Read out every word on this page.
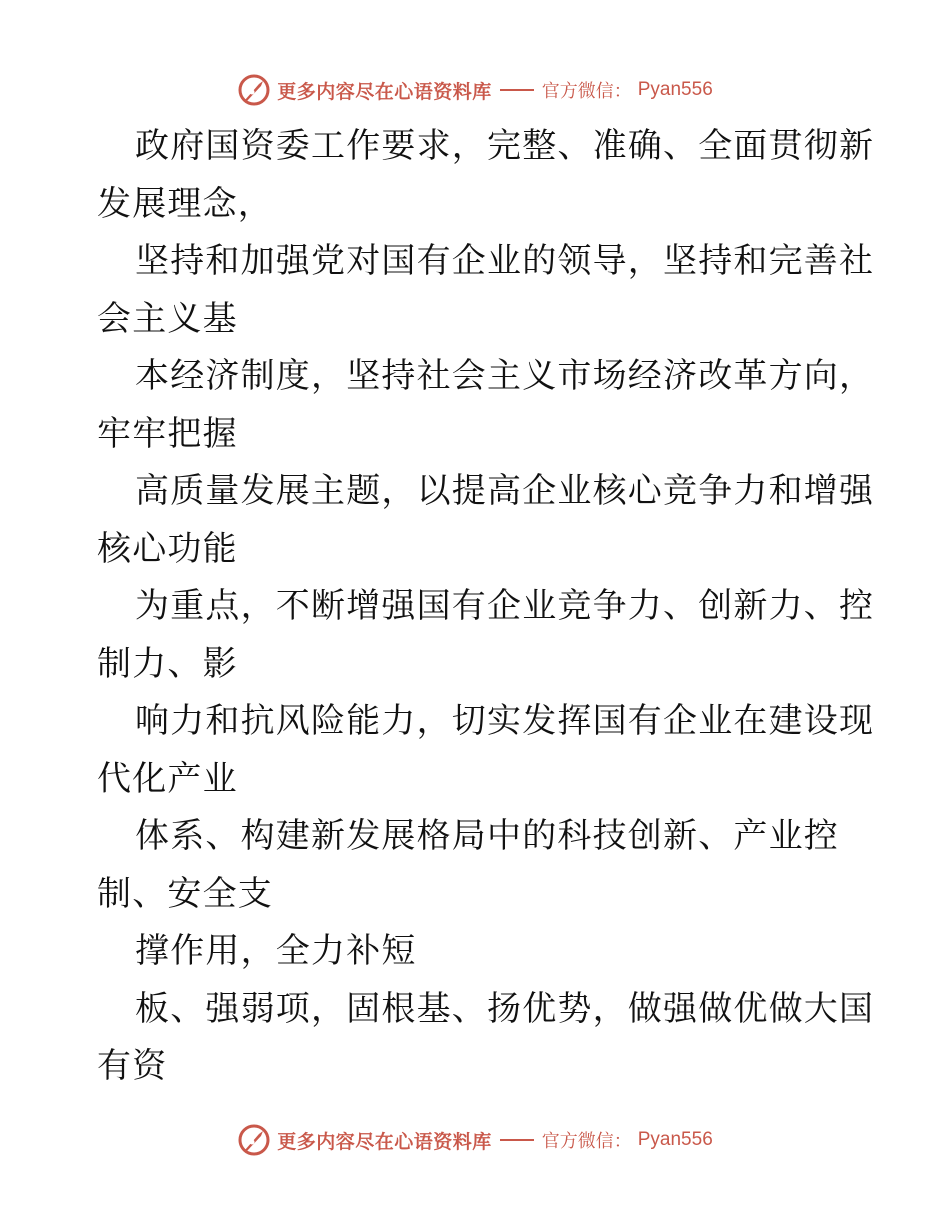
更多内容尽在心语资料库	官方微信： Pyan556
政府国资委工作要求，完整、准确、全面贯彻新
发展理念，
坚持和加强党对国有企业的领导，坚持和完善社
会主义基
本经济制度，坚持社会主义市场经济改革方向，
牢牢把握
高质量发展主题，以提高企业核心竞争力和增强
核心功能
为重点，不断增强国有企业竞争力、创新力、控
制力、影
响力和抗风险能力，切实发挥国有企业在建设现
代化产业
体系、构建新发展格局中的科技创新、产业控
制、安全支
撑作用，全力补短
板、强弱项，固根基、扬优势，做强做优做大国
有资
更多内容尽在心语资料库	官方微信： Pyan556
